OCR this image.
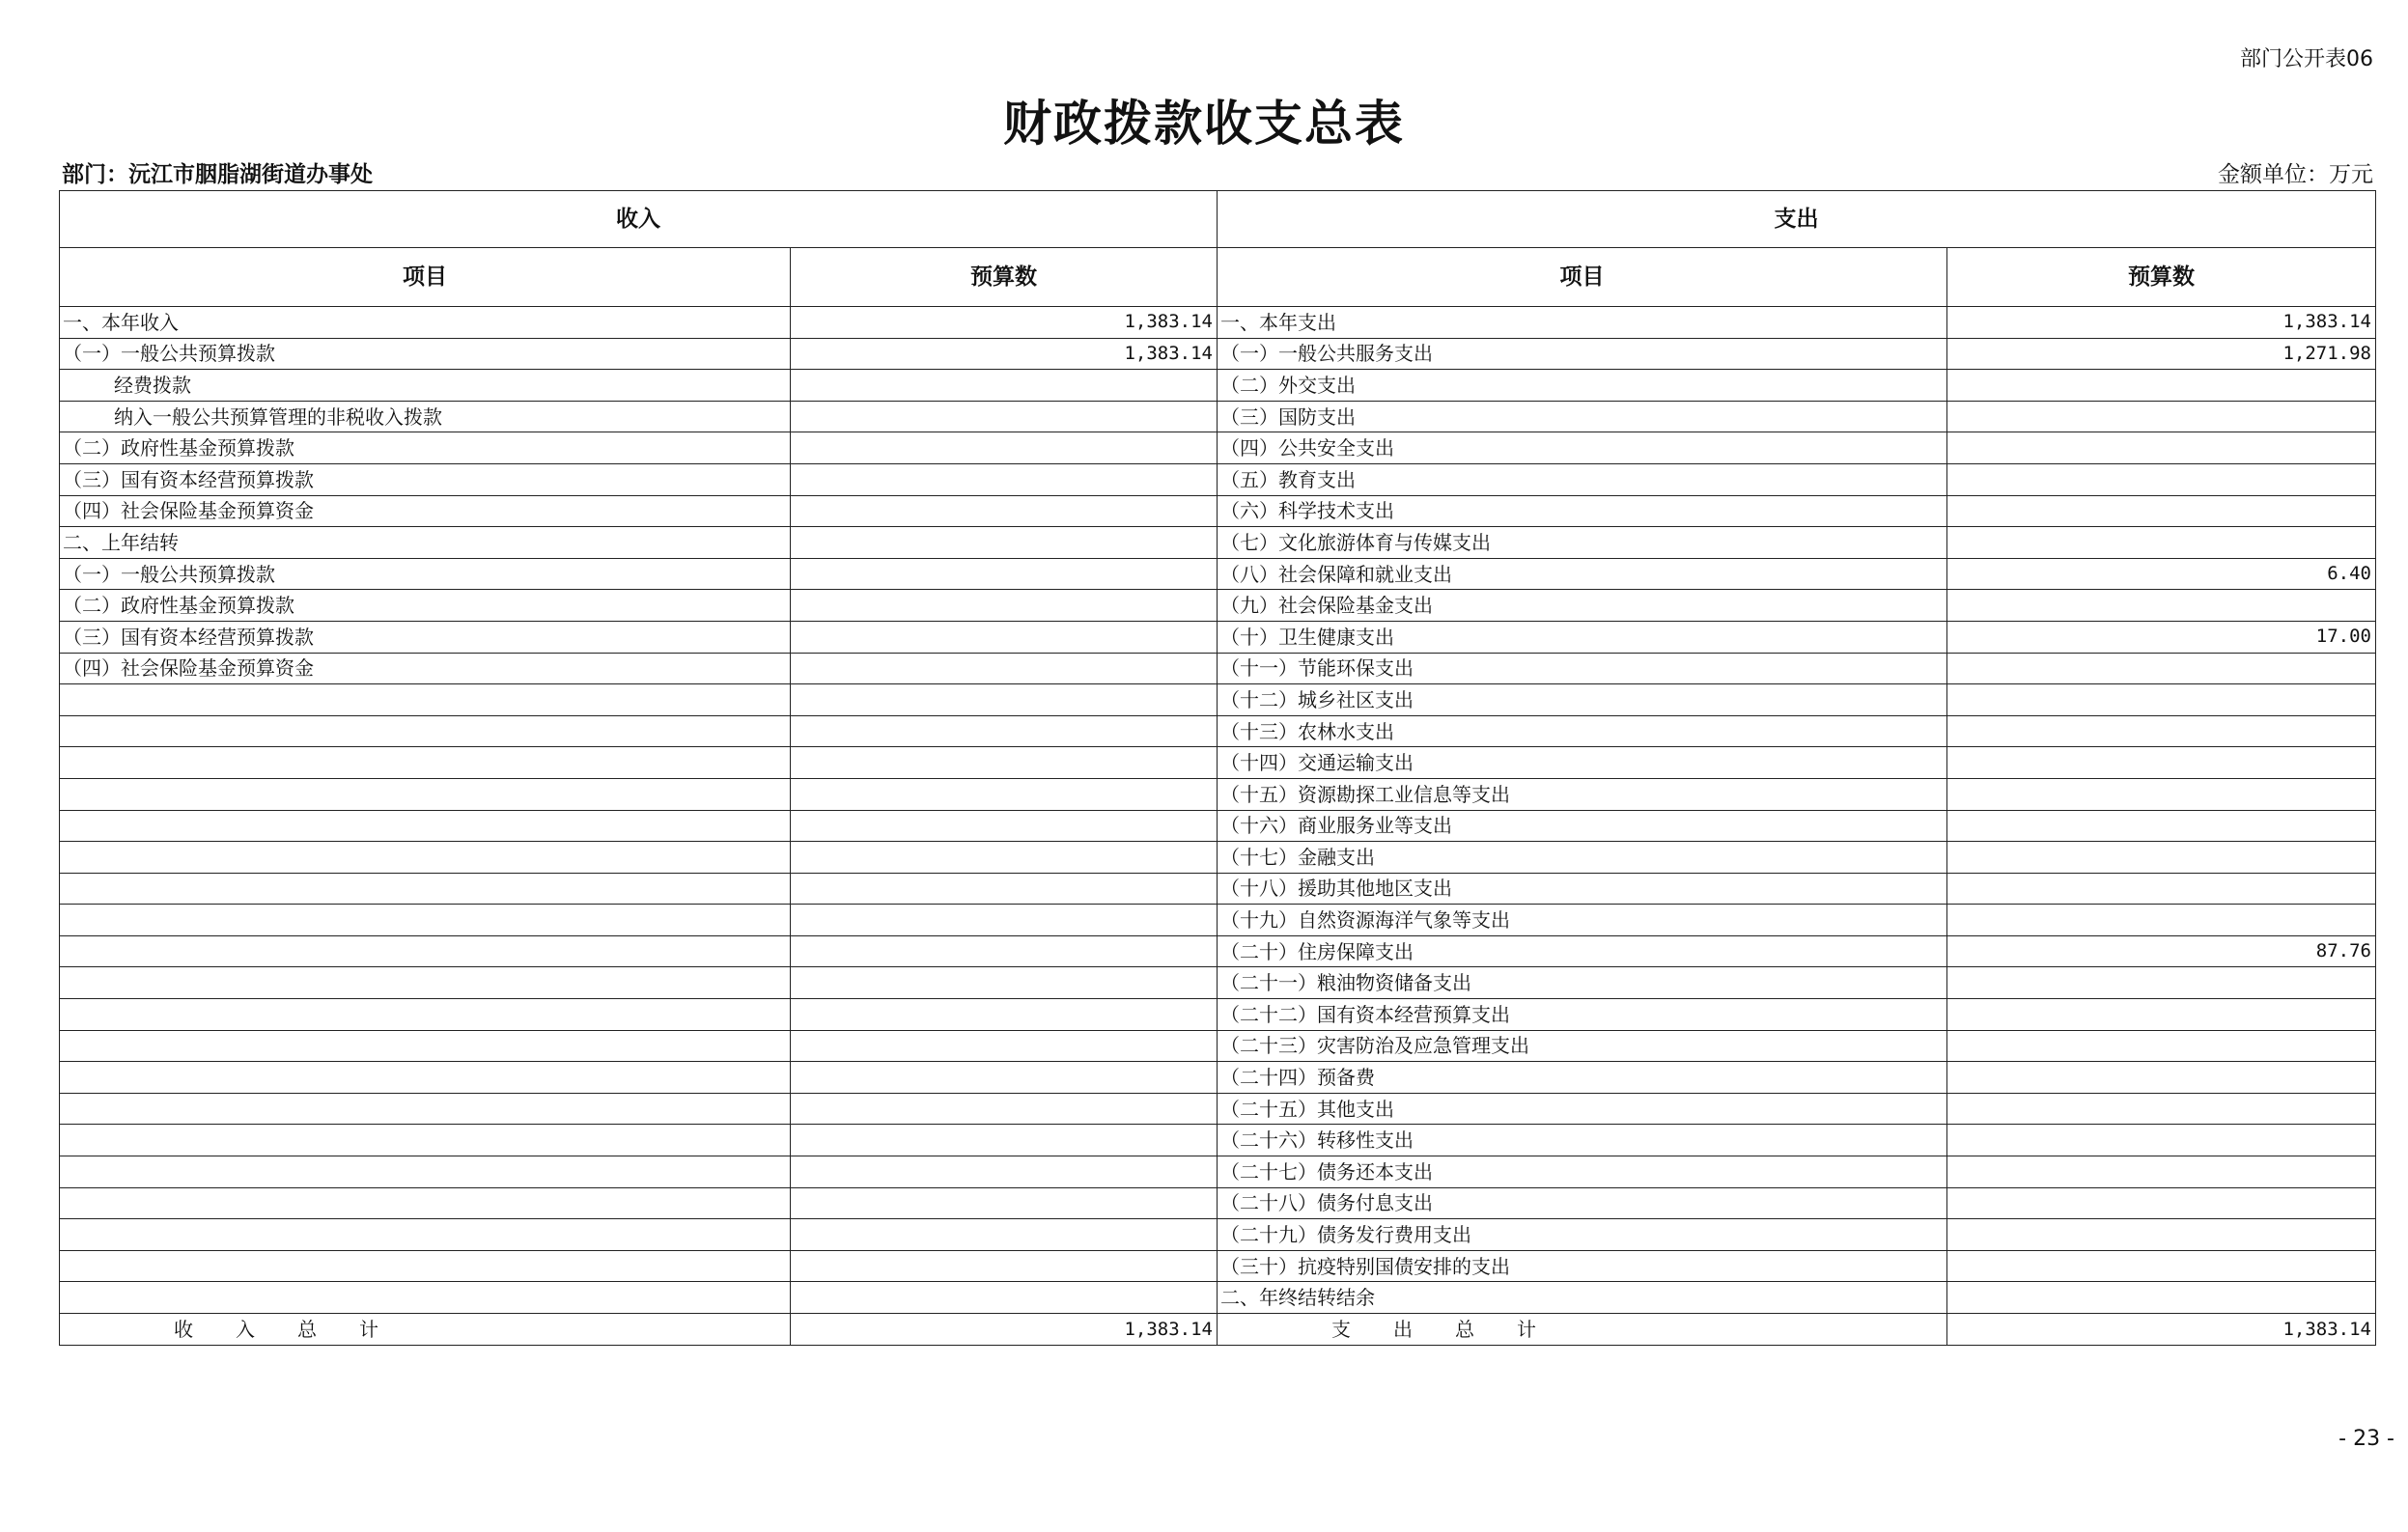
部门公开表06
财政拨款收支总表
部门：沅江市胭脂湖街道办事处	金额单位：万元
收入		支出	
项目	预算数	项目	预算数
一、本年收入	1,383.14	一、本年支出	1,383.14
（一）一般公共预算拨款	1,383.14	（一）一般公共服务支出	1,271.98
经费拨款		（二）外交支出	
纳入一般公共预算管理的非税收入拨款		（三）国防支出	
（二）政府性基金预算拨款		（四）公共安全支出	
（三）国有资本经营预算拨款		（五）教育支出	
（四）社会保险基金预算资金		（六）科学技术支出	
二、上年结转		（七）文化旅游体育与传媒支出	
（一）一般公共预算拨款		（八）社会保障和就业支出	6.40
（二）政府性基金预算拨款		（九）社会保险基金支出	
（三）国有资本经营预算拨款		（十）卫生健康支出	17.00
（四）社会保险基金预算资金		（十一）节能环保支出	
		（十二）城乡社区支出	
		（十三）农林水支出	
		（十四）交通运输支出	
		（十五）资源勘探工业信息等支出	
		（十六）商业服务业等支出	
		（十七）金融支出	
		（十八）援助其他地区支出	
		（十九）自然资源海洋气象等支出	
		（二十）住房保障支出	87.76
		（二十一）粮油物资储备支出	
		（二十二）国有资本经营预算支出	
		（二十三）灾害防治及应急管理支出	
		（二十四）预备费	
		（二十五）其他支出	
		（二十六）转移性支出	
		（二十七）债务还本支出	
		（二十八）债务付息支出	
		（二十九）债务发行费用支出	
		（三十）抗疫特别国债安排的支出	
		二、年终结转结余	
收 入 总 计	1,383.14	支 出 总 计	1,383.14
- 23 -
